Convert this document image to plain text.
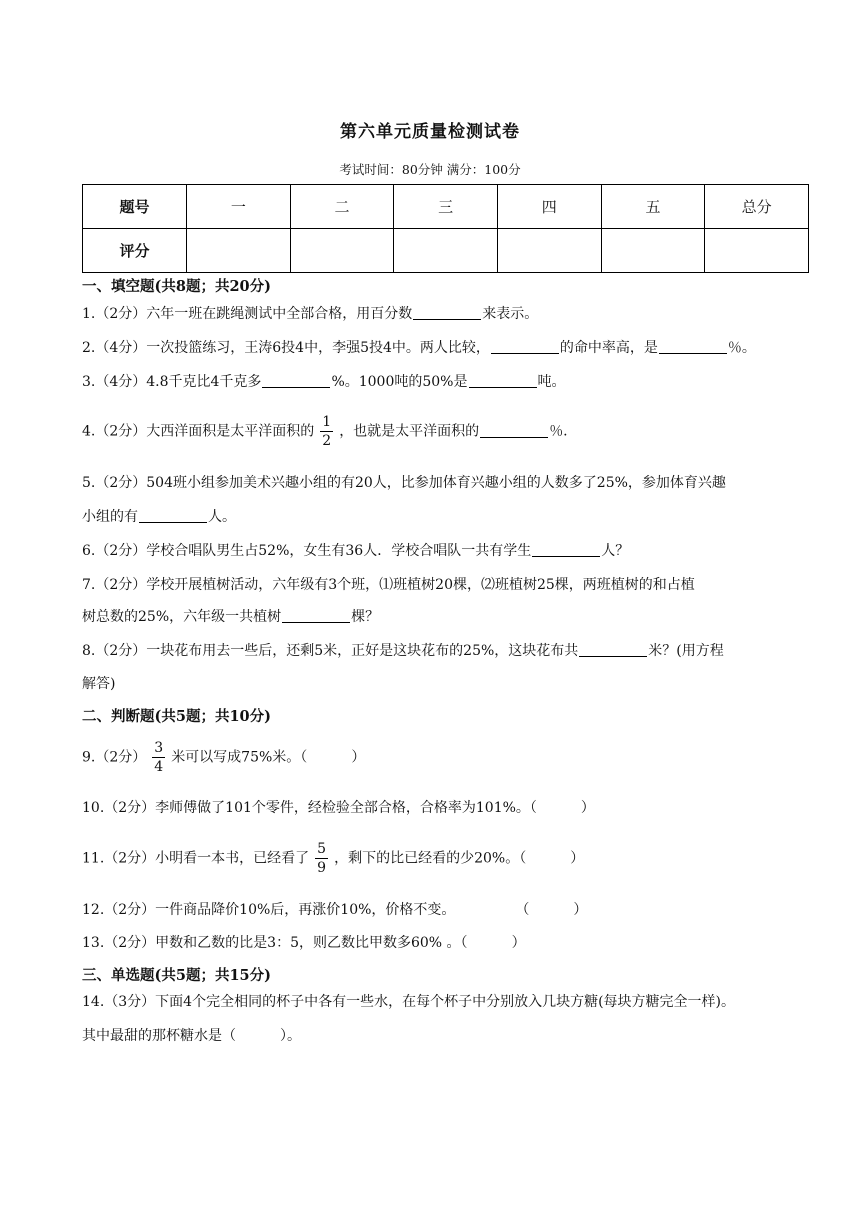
第六单元质量检测试卷
考试时间：80分钟 满分：100分
题号	一	二	三	四	五	总分
评分						
一、填空题(共8题；共20分)
1.（2分）六年一班在跳绳测试中全部合格，用百分数	来表示。
2.（4分）一次投篮练习，王涛6投4中，李强5投4中。两人比较，	的命中率高，是	％。
3.（4分）4.8千克比4千克多	%。1000吨的50%是	吨。
4.（2分）大西洋面积是太平洋面积的 $\frac{1}{2}$ ，也就是太平洋面积的	％.
5.（2分）504班小组参加美术兴趣小组的有20人，比参加体育兴趣小组的人数多了25%，参加体育兴趣
小组的有	人。
6.（2分）学校合唱队男生占52%，女生有36人．学校合唱队一共有学生	人？
7.（2分）学校开展植树活动，六年级有3个班，⑴班植树20棵，⑵班植树25棵，两班植树的和占植
树总数的25%，六年级一共植树	棵？
8.（2分）一块花布用去一些后，还剩5米，正好是这块花布的25%，这块花布共	米？(用方程
解答)
二、判断题(共5题；共10分)
9.（2分） $\frac{3}{4}$ 米可以写成75%米。（	）
10.（2分）李师傅做了101个零件，经检验全部合格，合格率为101%。（	）
11.（2分）小明看一本书，已经看了 $\frac{5}{9}$ ，剩下的比已经看的少20%。（	）
12.（2分）一件商品降价10%后，再涨价10%，价格不变。	（	）
13.（2分）甲数和乙数的比是3：5，则乙数比甲数多60% 。（	）
三、单选题(共5题；共15分)
14.（3分）下面4个完全相同的杯子中各有一些水，在每个杯子中分别放入几块方糖(每块方糖完全一样)。
其中最甜的那杯糖水是（	）。
